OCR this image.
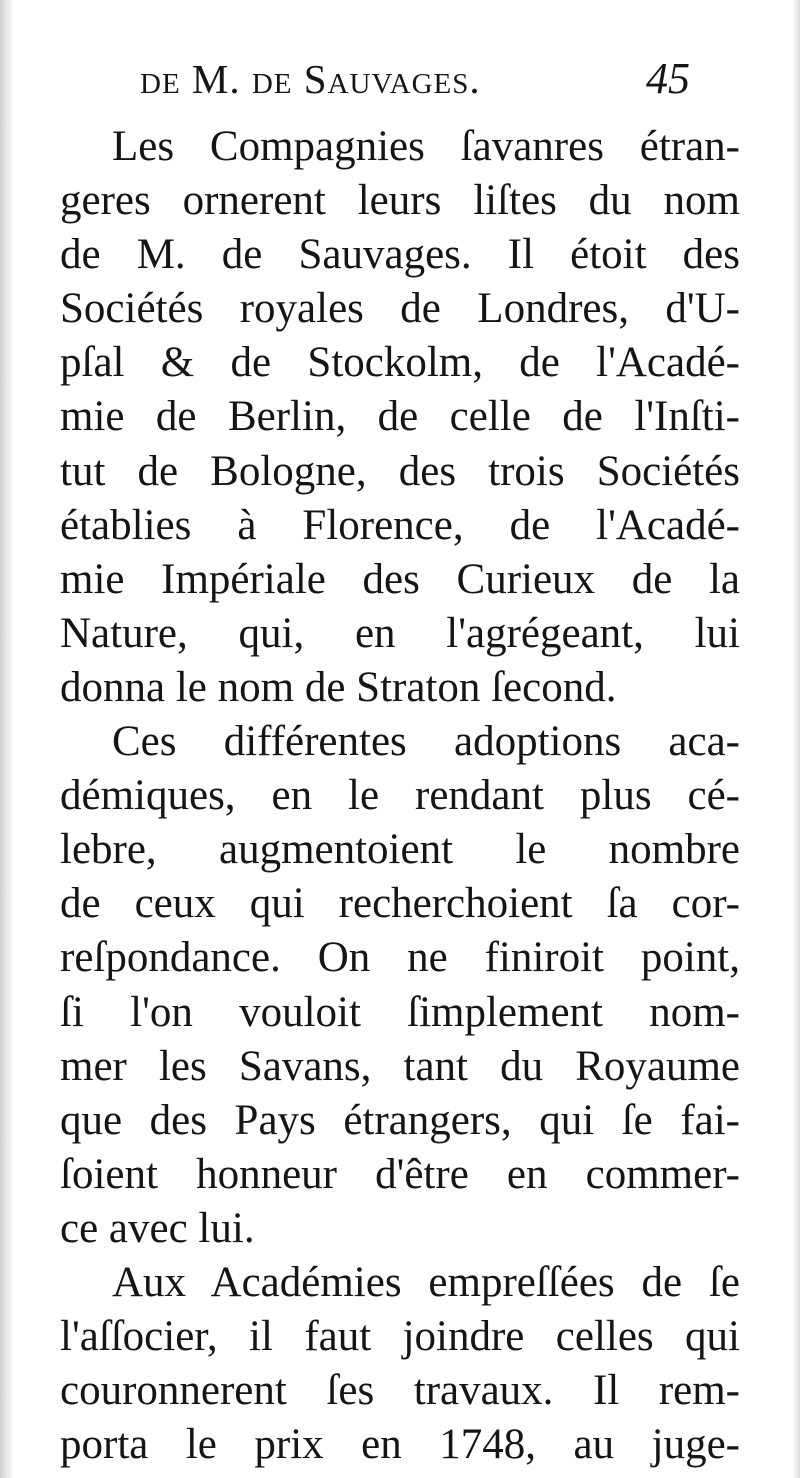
de M. de Sauvages.	45
Les Compagnies ſavanres étran-
geres ornerent leurs liſtes du nom
de M. de Sauvages. Il étoit des
Sociétés royales de Londres, d'U-
pſal & de Stockolm, de l'Acadé-
mie de Berlin, de celle de l'Inſti-
tut de Bologne, des trois Sociétés
établies à Florence, de l'Acadé-
mie Impériale des Curieux de la
Nature, qui, en l'agrégeant, lui
donna le nom de Straton ſecond.
Ces différentes adoptions aca-
démiques, en le rendant plus cé-
lebre, augmentoient le nombre
de ceux qui recherchoient ſa cor-
reſpondance. On ne finiroit point,
ſi l'on vouloit ſimplement nom-
mer les Savans, tant du Royaume
que des Pays étrangers, qui ſe fai-
ſoient honneur d'être en commer-
ce avec lui.
Aux Académies empreſſées de ſe
l'aſſocier, il faut joindre celles qui
couronnerent ſes travaux. Il rem-
porta le prix en 1748, au juge-
